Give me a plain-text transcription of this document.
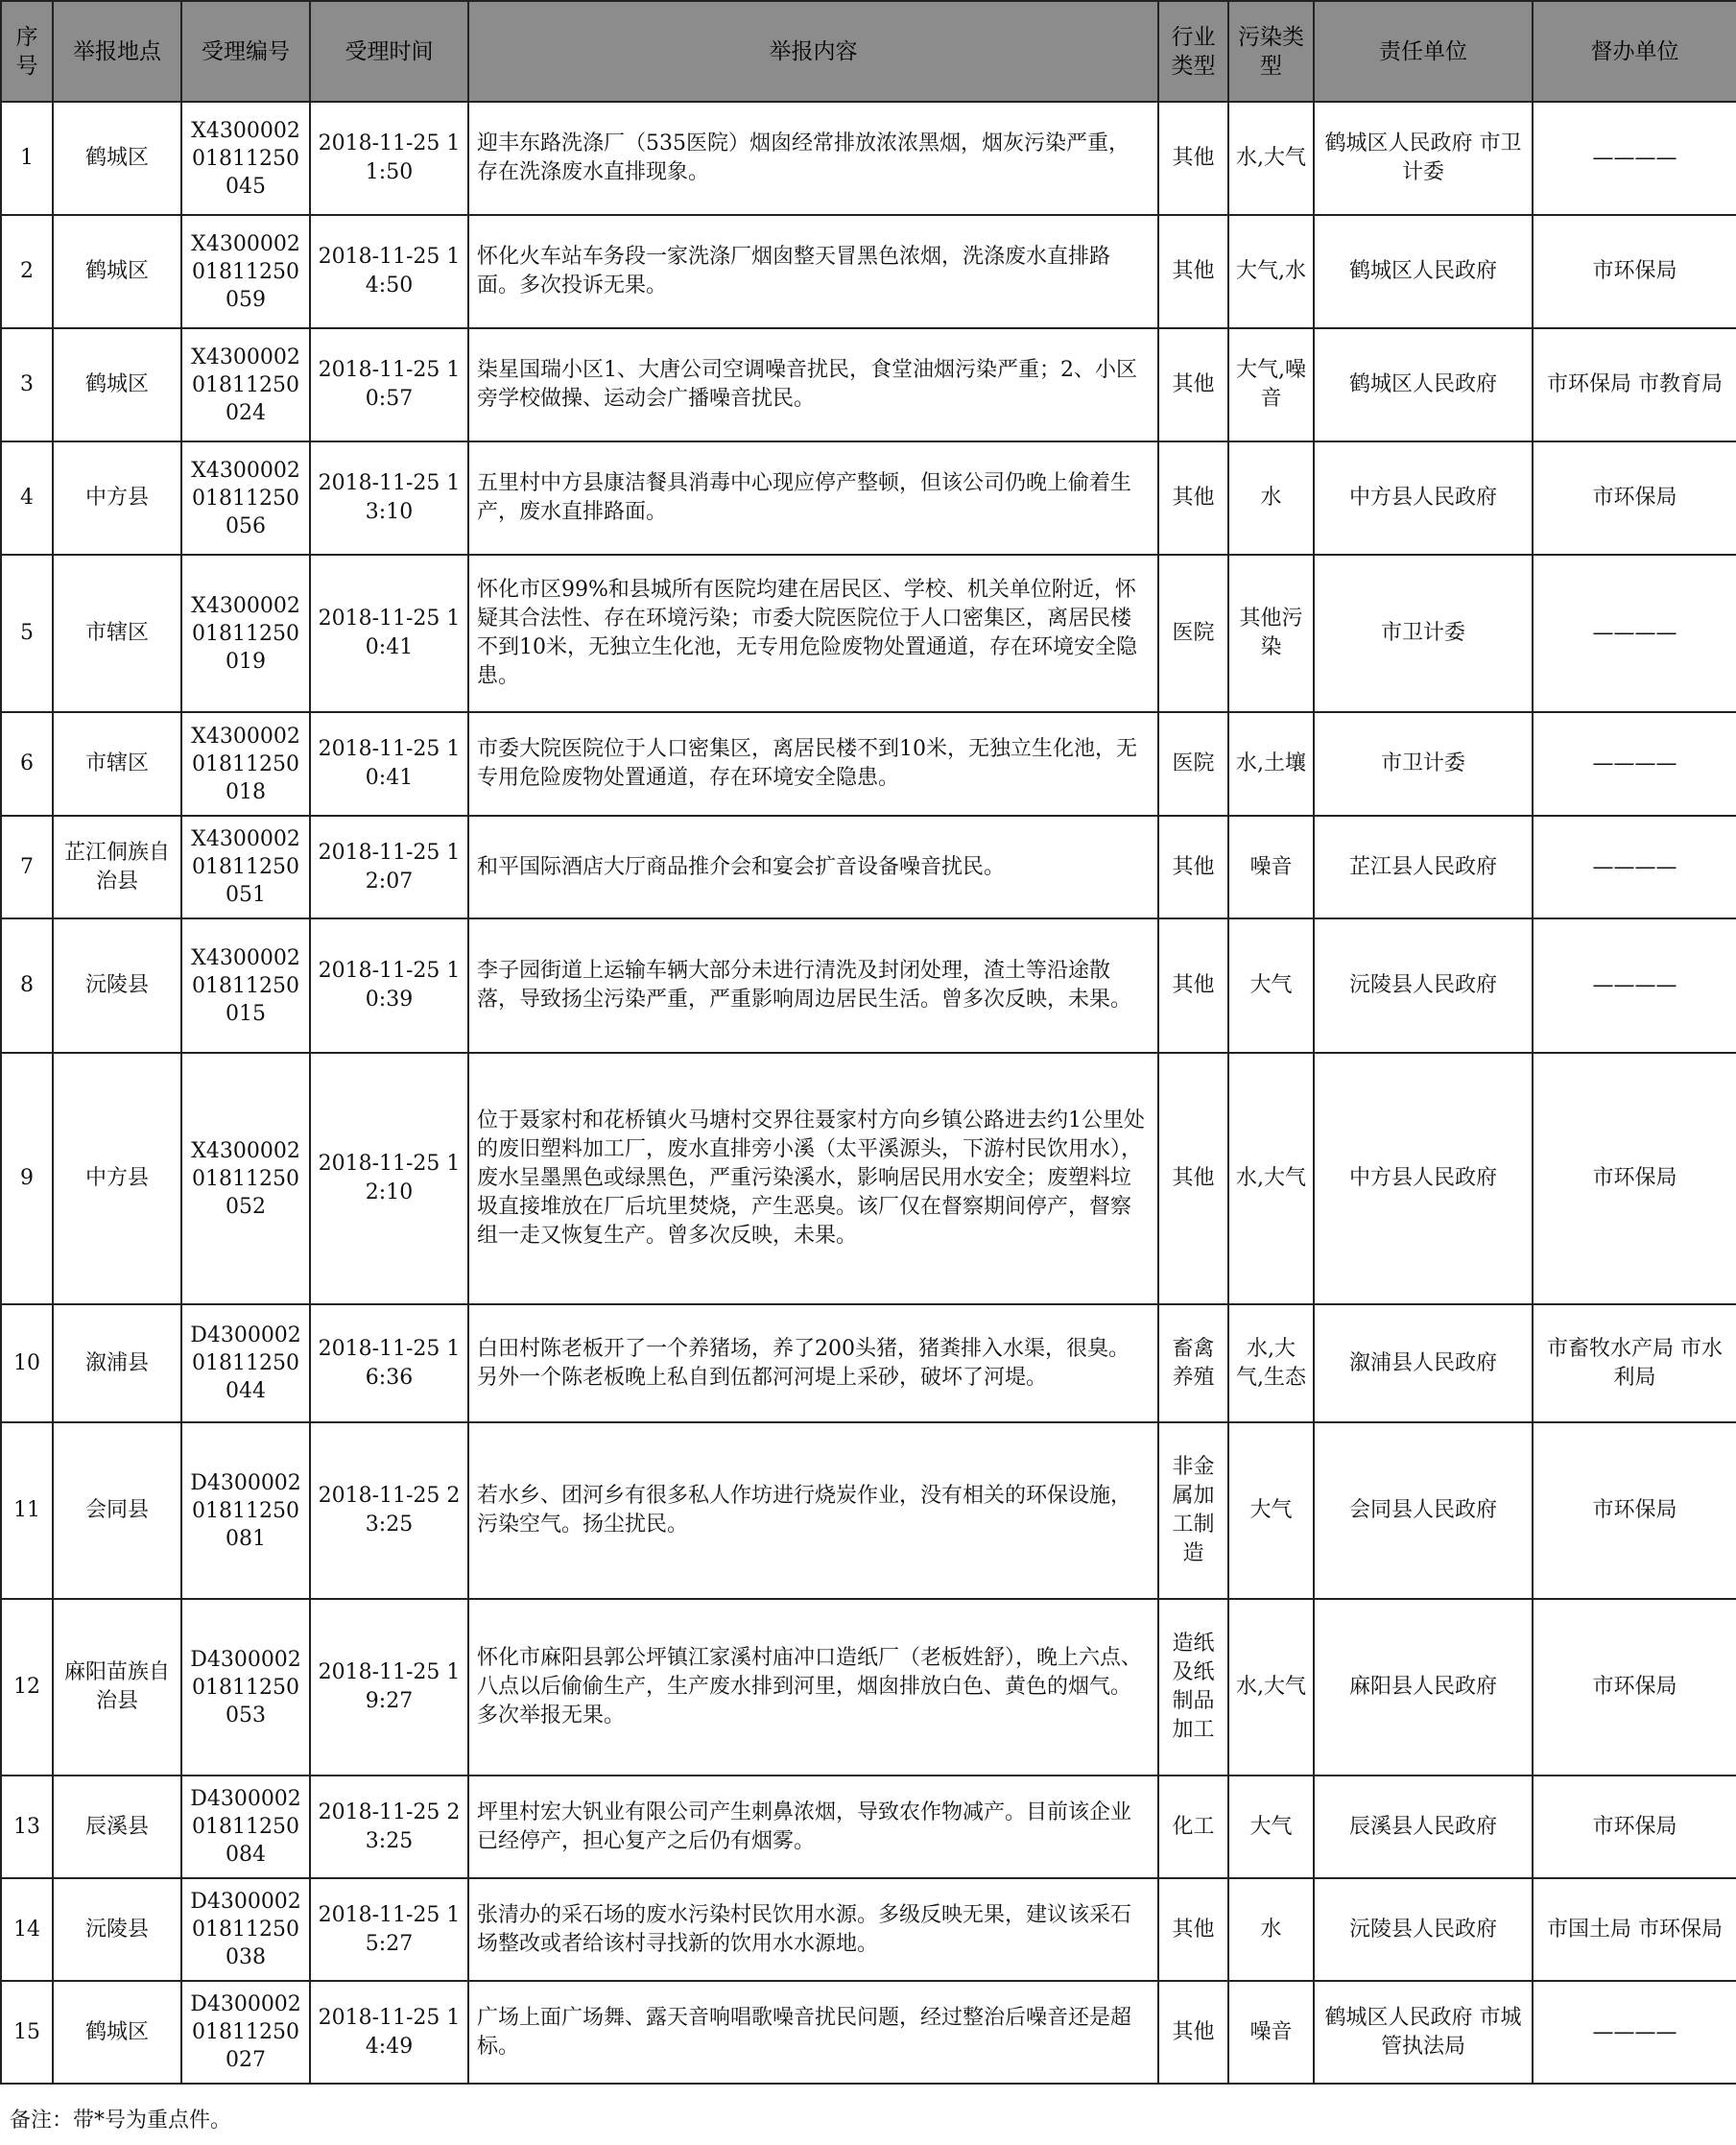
序号	举报地点	受理编号	受理时间	举报内容	行业类型	污染类型	责任单位	督办单位
1	鹤城区	X430000201811250045	2018-11-25 11:50	迎丰东路洗涤厂（535医院）烟囱经常排放浓浓黑烟，烟灰污染严重，存在洗涤废水直排现象。	其他	水,大气	鹤城区人民政府 市卫计委	————
2	鹤城区	X430000201811250059	2018-11-25 14:50	怀化火车站车务段一家洗涤厂烟囱整天冒黑色浓烟，洗涤废水直排路面。多次投诉无果。	其他	大气,水	鹤城区人民政府	市环保局
3	鹤城区	X430000201811250024	2018-11-25 10:57	柒星国瑞小区1、大唐公司空调噪音扰民，食堂油烟污染严重；2、小区旁学校做操、运动会广播噪音扰民。	其他	大气,噪音	鹤城区人民政府	市环保局 市教育局
4	中方县	X430000201811250056	2018-11-25 13:10	五里村中方县康洁餐具消毒中心现应停产整顿，但该公司仍晚上偷着生产，废水直排路面。	其他	水	中方县人民政府	市环保局
5	市辖区	X430000201811250019	2018-11-25 10:41	怀化市区99%和县城所有医院均建在居民区、学校、机关单位附近，怀疑其合法性、存在环境污染；市委大院医院位于人口密集区，离居民楼不到10米，无独立生化池，无专用危险废物处置通道，存在环境安全隐患。	医院	其他污染	市卫计委	————
6	市辖区	X430000201811250018	2018-11-25 10:41	市委大院医院位于人口密集区，离居民楼不到10米，无独立生化池，无专用危险废物处置通道，存在环境安全隐患。	医院	水,土壤	市卫计委	————
7	芷江侗族自治县	X430000201811250051	2018-11-25 12:07	和平国际酒店大厅商品推介会和宴会扩音设备噪音扰民。	其他	噪音	芷江县人民政府	————
8	沅陵县	X430000201811250015	2018-11-25 10:39	李子园街道上运输车辆大部分未进行清洗及封闭处理，渣土等沿途散落，导致扬尘污染严重，严重影响周边居民生活。曾多次反映，未果。	其他	大气	沅陵县人民政府	————
9	中方县	X430000201811250052	2018-11-25 12:10	位于聂家村和花桥镇火马塘村交界往聂家村方向乡镇公路进去约1公里处的废旧塑料加工厂，废水直排旁小溪（太平溪源头，下游村民饮用水），废水呈墨黑色或绿黑色，严重污染溪水，影响居民用水安全；废塑料垃圾直接堆放在厂后坑里焚烧，产生恶臭。该厂仅在督察期间停产，督察组一走又恢复生产。曾多次反映，未果。	其他	水,大气	中方县人民政府	市环保局
10	溆浦县	D430000201811250044	2018-11-25 16:36	白田村陈老板开了一个养猪场，养了200头猪，猪粪排入水渠，很臭。另外一个陈老板晚上私自到伍都河河堤上采砂，破坏了河堤。	畜禽养殖	水,大气,生态	溆浦县人民政府	市畜牧水产局 市水利局
11	会同县	D430000201811250081	2018-11-25 23:25	若水乡、团河乡有很多私人作坊进行烧炭作业，没有相关的环保设施，污染空气。扬尘扰民。	非金属加工制造	大气	会同县人民政府	市环保局
12	麻阳苗族自治县	D430000201811250053	2018-11-25 19:27	怀化市麻阳县郭公坪镇江家溪村庙冲口造纸厂（老板姓舒），晚上六点、八点以后偷偷生产，生产废水排到河里，烟囱排放白色、黄色的烟气。多次举报无果。	造纸及纸制品加工	水,大气	麻阳县人民政府	市环保局
13	辰溪县	D430000201811250084	2018-11-25 23:25	坪里村宏大钒业有限公司产生刺鼻浓烟，导致农作物减产。目前该企业已经停产，担心复产之后仍有烟雾。	化工	大气	辰溪县人民政府	市环保局
14	沅陵县	D430000201811250038	2018-11-25 15:27	张清办的采石场的废水污染村民饮用水源。多级反映无果，建议该采石场整改或者给该村寻找新的饮用水水源地。	其他	水	沅陵县人民政府	市国土局 市环保局
15	鹤城区	D430000201811250027	2018-11-25 14:49	广场上面广场舞、露天音响唱歌噪音扰民问题，经过整治后噪音还是超标。	其他	噪音	鹤城区人民政府 市城管执法局	————
备注：带*号为重点件。
